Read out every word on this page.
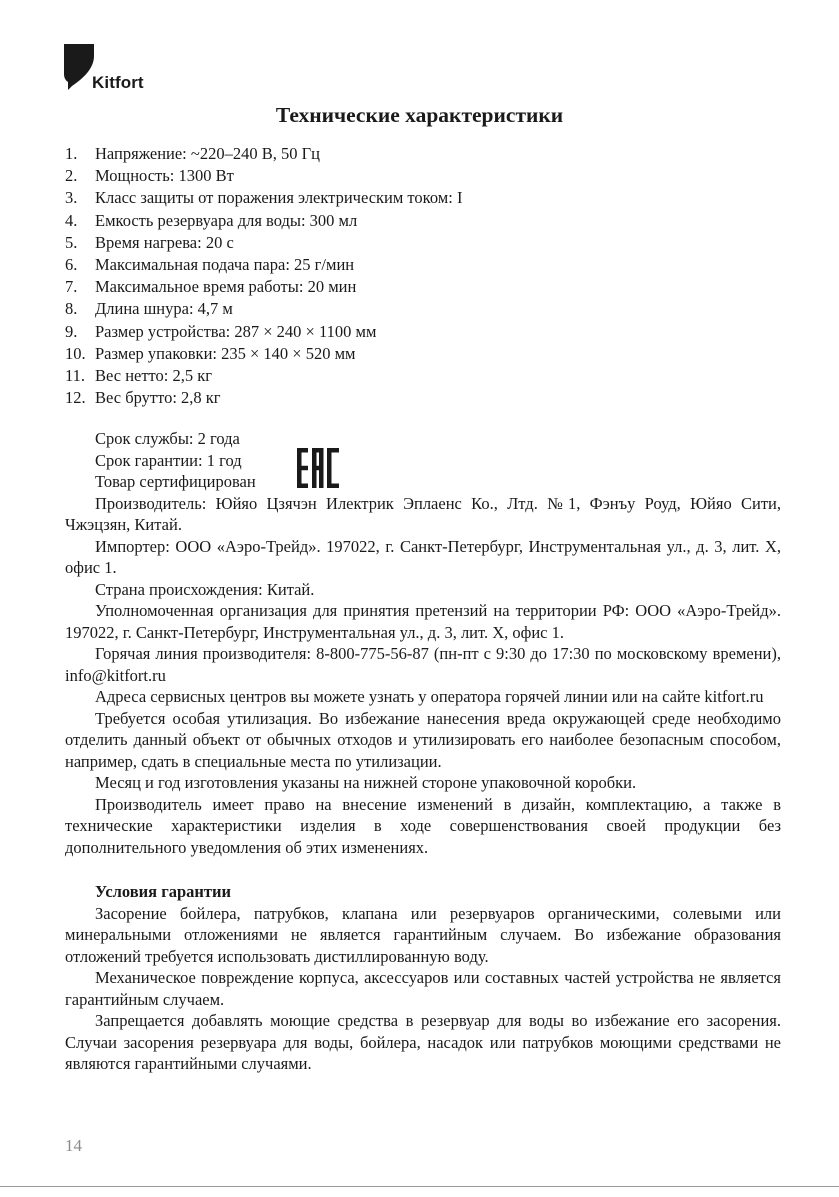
Kitfort
Технические характеристики
1. Напряжение: ~220–240 В, 50 Гц
2. Мощность: 1300 Вт
3. Класс защиты от поражения электрическим током: I
4. Емкость резервуара для воды: 300 мл
5. Время нагрева: 20 с
6. Максимальная подача пара: 25 г/мин
7. Максимальное время работы: 20 мин
8. Длина шнура: 4,7 м
9. Размер устройства: 287 × 240 × 1100 мм
10. Размер упаковки: 235 × 140 × 520 мм
11. Вес нетто: 2,5 кг
12. Вес брутто: 2,8 кг

Срок службы: 2 года

Срок гарантии: 1 год

Товар сертифицирован

Производитель: Юйяо Цзячэн Илектрик Эплаенс Ко., Лтд. №1, Фэнъу Роуд, Юйяо Сити, Чжэцзян, Китай.

Импортер: ООО «Аэро-Трейд». 197022, г. Санкт-Петербург, Инструментальная ул., д. 3, лит. Х, офис 1.

Страна происхождения: Китай.

Уполномоченная организация для принятия претензий на территории РФ: ООО «Аэро-Трейд». 197022, г. Санкт-Петербург, Инструментальная ул., д. 3, лит. Х, офис 1.

Горячая линия производителя: 8-800-775-56-87 (пн-пт с 9:30 до 17:30 по московскому времени), info@kitfort.ru

Адреса сервисных центров вы можете узнать у оператора горячей линии или на сайте kitfort.ru

Требуется особая утилизация. Во избежание нанесения вреда окружающей среде необходимо отделить данный объект от обычных отходов и утилизировать его наиболее безопасным способом, например, сдать в специальные места по утилизации.

Месяц и год изготовления указаны на нижней стороне упаковочной коробки.

Производитель имеет право на внесение изменений в дизайн, комплектацию, а также в технические характеристики изделия в ходе совершенствования своей продукции без дополнительного уведомления об этих изменениях.

Условия гарантии

Засорение бойлера, патрубков, клапана или резервуаров органическими, солевыми или минеральными отложениями не является гарантийным случаем. Во избежание образования отложений требуется использовать дистиллированную воду.

Механическое повреждение корпуса, аксессуаров или составных частей устройства не является гарантийным случаем.

Запрещается добавлять моющие средства в резервуар для воды во избежание его засорения. Случаи засорения резервуара для воды, бойлера, насадок или патрубков моющими средствами не являются гарантийными случаями.

14
